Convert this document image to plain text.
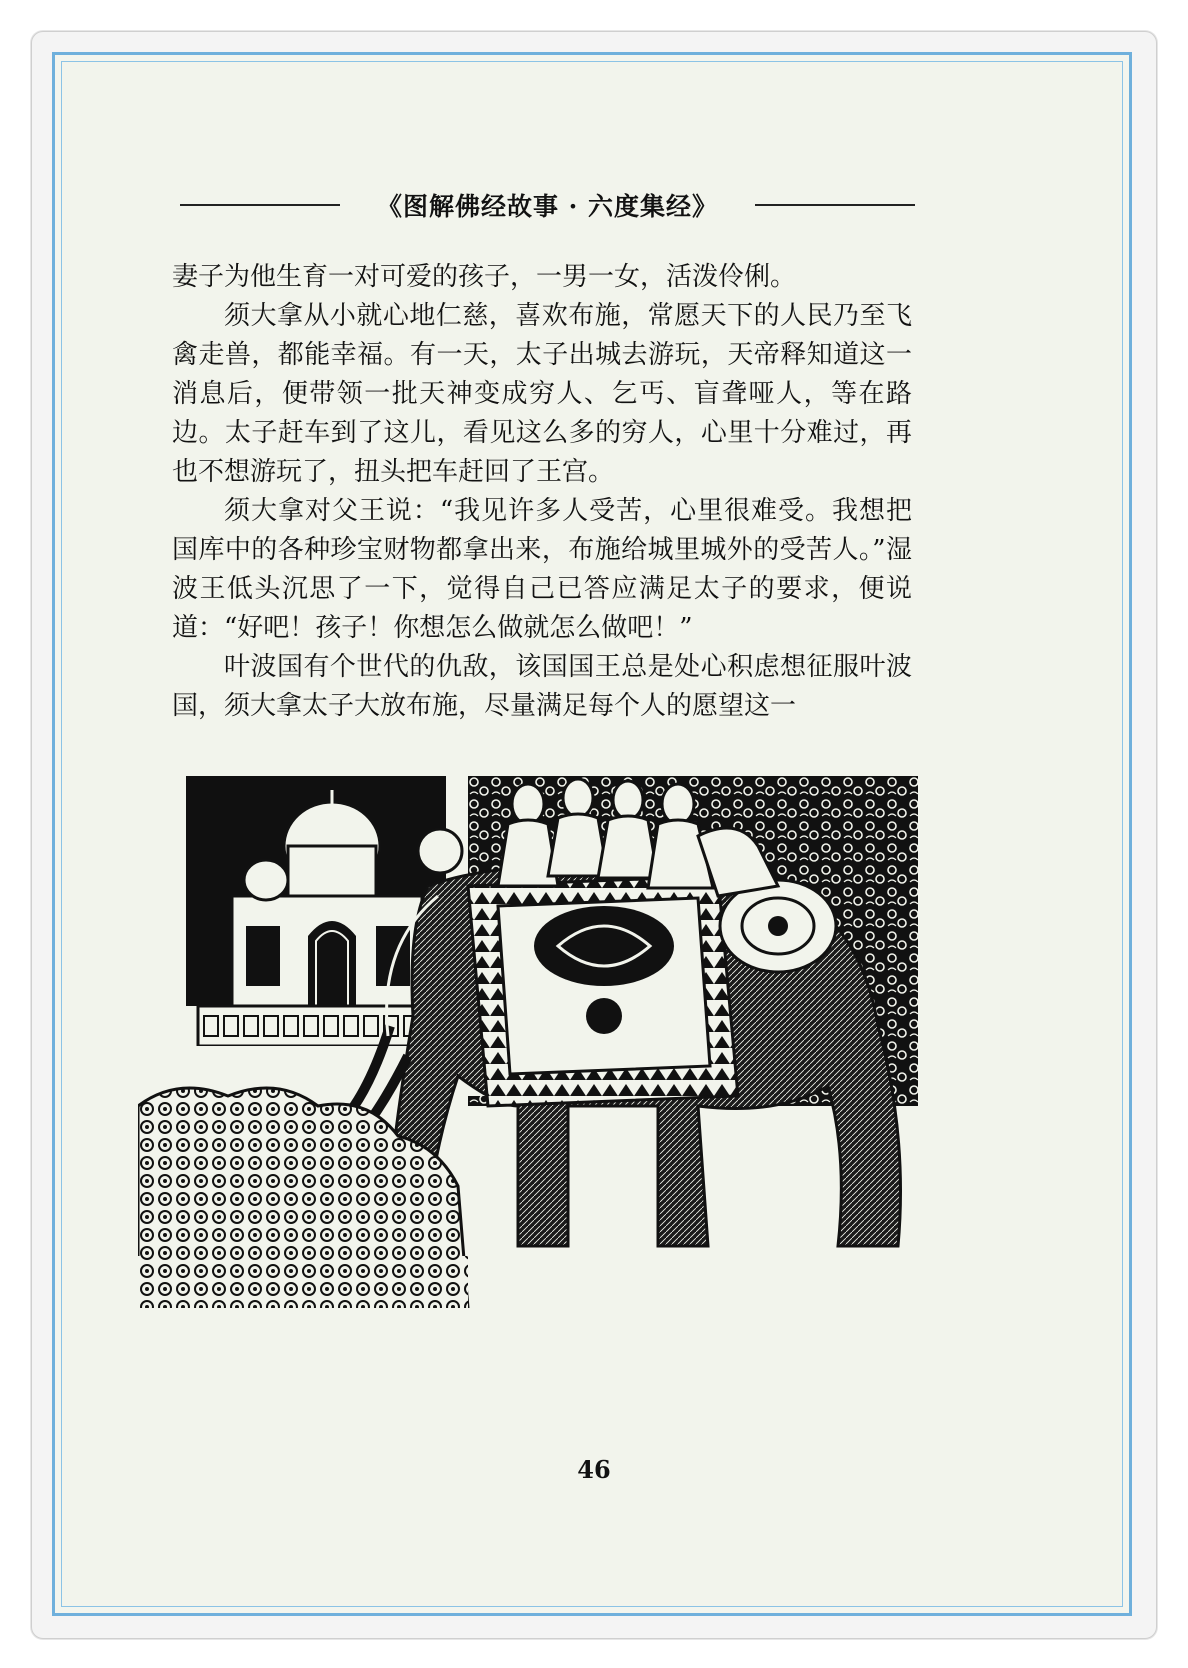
《图解佛经故事 · 六度集经》

妻子为他生育一对可爱的孩子，一男一女，活泼伶俐。

须大拿从小就心地仁慈，喜欢布施，常愿天下的人民乃至飞禽走兽，都能幸福。有一天，太子出城去游玩，天帝释知道这一消息后，便带领一批天神变成穷人、乞丐、盲聋哑人，等在路边。太子赶车到了这儿，看见这么多的穷人，心里十分难过，再也不想游玩了，扭头把车赶回了王宫。

须大拿对父王说：“我见许多人受苦，心里很难受。我想把国库中的各种珍宝财物都拿出来，布施给城里城外的受苦人。”湿波王低头沉思了一下，觉得自己已答应满足太子的要求，便说道：“好吧！孩子！你想怎么做就怎么做吧！”

叶波国有个世代的仇敌，该国国王总是处心积虑想征服叶波国，须大拿太子大放布施，尽量满足每个人的愿望这一

46
